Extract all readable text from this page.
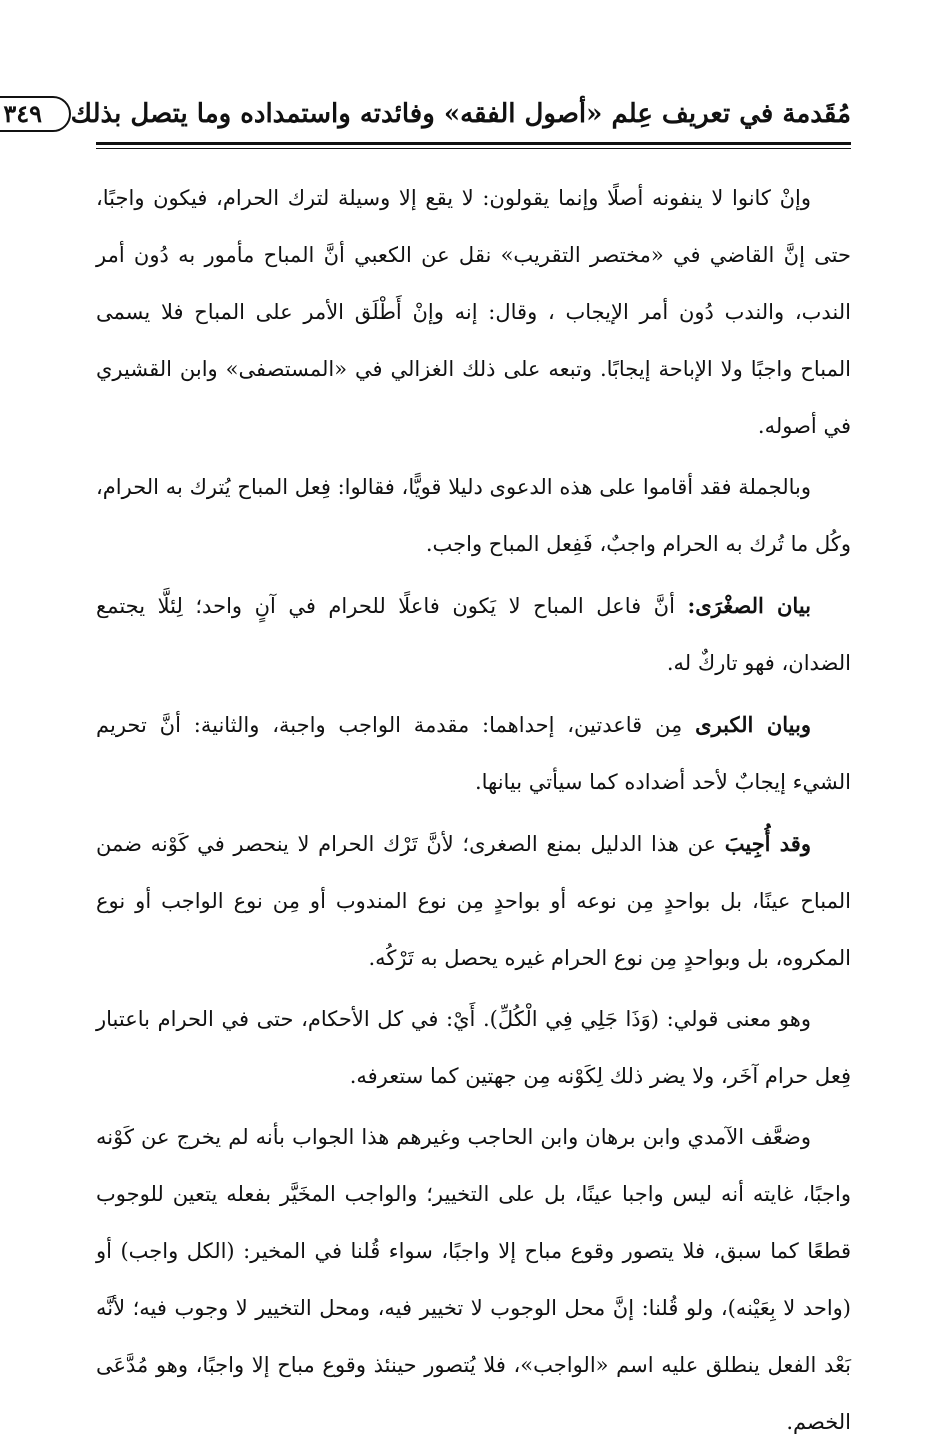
مُقَدمة في تعريف عِلم «أصول الفقه» وفائدته واستمداده وما يتصل بذلك
٣٤٩

وإنْ كانوا لا ينفونه أصلًا وإنما يقولون: لا يقع إلا وسيلة لترك الحرام، فيكون واجبًا، حتى إنَّ القاضي في «مختصر التقريب» نقل عن الكعبي أنَّ المباح مأمور به دُون أمر الندب، والندب دُون أمر الإيجاب ، وقال: إنه وإنْ أَطْلَق الأمر على المباح فلا يسمى المباح واجبًا ولا الإباحة إيجابًا. وتبعه على ذلك الغزالي في «المستصفى» وابن القشيري في أصوله.

وبالجملة فقد أقاموا على هذه الدعوى دليلا قويًّا، فقالوا: فِعل المباح يُترك به الحرام، وكُل ما تُرك به الحرام واجبٌ، فَفِعل المباح واجب.

بيان الصغْرَى: أنَّ فاعل المباح لا يَكون فاعلًا للحرام في آنٍ واحد؛ لِئلَّا يجتمع الضدان، فهو تاركٌ له.

وبيان الكبرى مِن قاعدتين، إحداهما: مقدمة الواجب واجبة، والثانية: أنَّ تحريم الشيء إيجابٌ لأحد أضداده كما سيأتي بيانها.

وقد أُجِيبَ عن هذا الدليل بمنع الصغرى؛ لأنَّ تَرْك الحرام لا ينحصر في كَوْنه ضمن المباح عينًا، بل بواحدٍ مِن نوعه أو بواحدٍ مِن نوع المندوب أو مِن نوع الواجب أو نوع المكروه، بل وبواحدٍ مِن نوع الحرام غيره يحصل به تَرْكُه.

وهو معنى قولي: (وَذَا جَلِي فِي الْكُلِّ). أَيْ: في كل الأحكام، حتى في الحرام باعتبار فِعل حرام آخَر، ولا يضر ذلك لِكَوْنه مِن جهتين كما ستعرفه.

وضعَّف الآمدي وابن برهان وابن الحاجب وغيرهم هذا الجواب بأنه لم يخرج عن كَوْنه واجبًا، غايته أنه ليس واجبا عينًا، بل على التخيير؛ والواجب المخَيَّر بفعله يتعين للوجوب قطعًا كما سبق، فلا يتصور وقوع مباح إلا واجبًا، سواء قُلنا في المخير: (الكل واجب) أو (واحد لا بِعَيْنه)، ولو قُلنا: إنَّ محل الوجوب لا تخيير فيه، ومحل التخيير لا وجوب فيه؛ لأنَّه بَعْد الفعل ينطلق عليه اسم «الواجب»، فلا يُتصور حينئذ وقوع مباح إلا واجبًا، وهو مُدَّعَى الخصم.
